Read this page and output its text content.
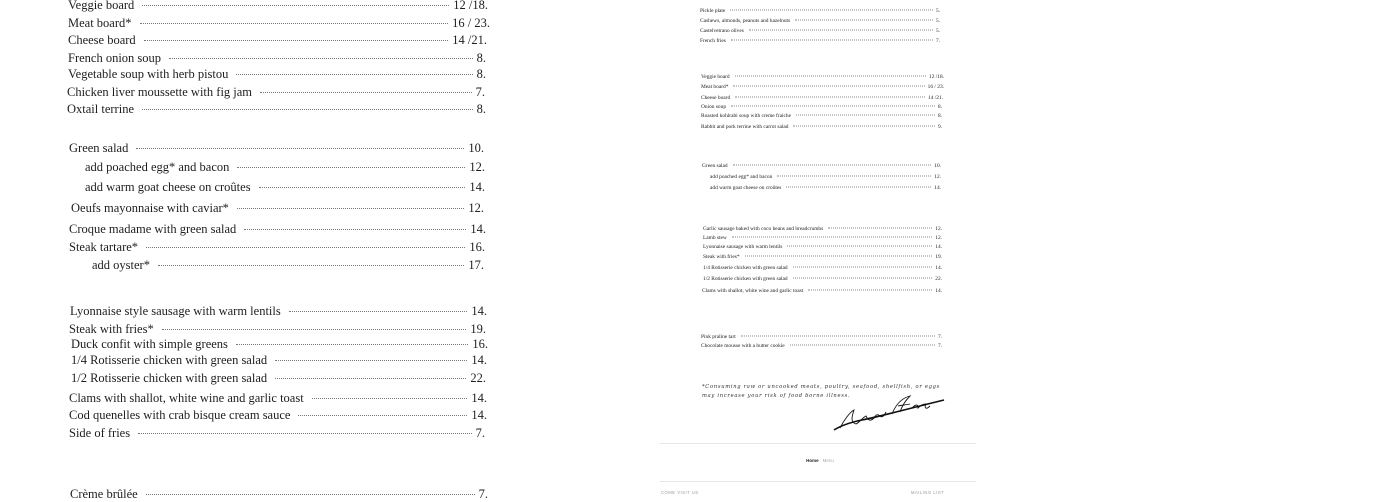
Veggie board	12 /18.
Meat board*	16 / 23.
Cheese board	14 /21.
French onion soup	8.
Vegetable soup with herb pistou	8.
Chicken liver moussette with fig jam	7.
Oxtail terrine	8.
Green salad	10.
add poached egg* and bacon	12.
add warm goat cheese on croûtes	14.
Oeufs mayonnaise with caviar*	12.
Croque madame with green salad	14.
Steak tartare*	16.
add oyster*	17.
Lyonnaise style sausage with warm lentils	14.
Steak with fries*	19.
Duck confit with simple greens	16.
1/4 Rotisserie chicken with green salad	14.
1/2 Rotisserie chicken with green salad	22.
Clams with shallot, white wine and garlic toast	14.
Cod quenelles with crab bisque cream sauce	14.
Side of fries	7.
Crème brûlée	7.
Pickle plate	5.
Cashews, almonds, peanuts and hazelnuts	5.
Castelvetrano olives	5.
French fries	7.
Veggie board	12 /18.
Meat board*	16 / 23.
Cheese board	14 /21.
Onion soup	8.
Roasted kohlrabi soup with creme fraiche	8.
Rabbit and pork terrine with carrot salad	9.
Green salad	10.
add poached egg* and bacon	12.
add warm goat cheese on croûtes	14.
Garlic sausage baked with coco beans and breadcrumbs	12.
Lamb stew	12.
Lyonnaise sausage with warm lentils	14.
Steak with fries*	19.
1/4 Rotisserie chicken with green salad	14.
1/2 Rotisserie chicken with green salad	22.
Clams with shallot, white wine and garlic toast	14.
Pink praline tart	7.
Chocolate mousse with a butter cookie	7.
*Consuming raw or uncooked meats, poultry, seafood, shellfish, or eggs may increase your risk of food borne illness.
Home Menu
COME VISIT US	MAILING LIST
